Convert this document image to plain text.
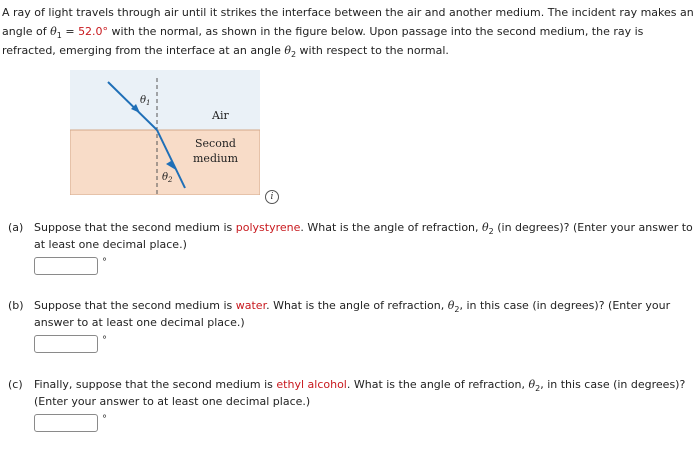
A ray of light travels through air until it strikes the interface between the air and another medium. The incident ray makes an angle of $\theta_1 = 52.0^\circ$ with the normal, as shown in the figure below. Upon passage into the second medium, the ray is refracted, emerging from the interface at an angle $\theta_2$ with respect to the normal.
$\theta_1$
$\theta_2$
Air
Second
medium
i
(a) Suppose that the second medium is polystyrene. What is the angle of refraction, $\theta_2$ (in degrees)? (Enter your answer to at least one decimal place.)
°
(b) Suppose that the second medium is water. What is the angle of refraction, $\theta_2$, in this case (in degrees)? (Enter your answer to at least one decimal place.)
°
(c) Finally, suppose that the second medium is ethyl alcohol. What is the angle of refraction, $\theta_2$, in this case (in degrees)? (Enter your answer to at least one decimal place.)
°
